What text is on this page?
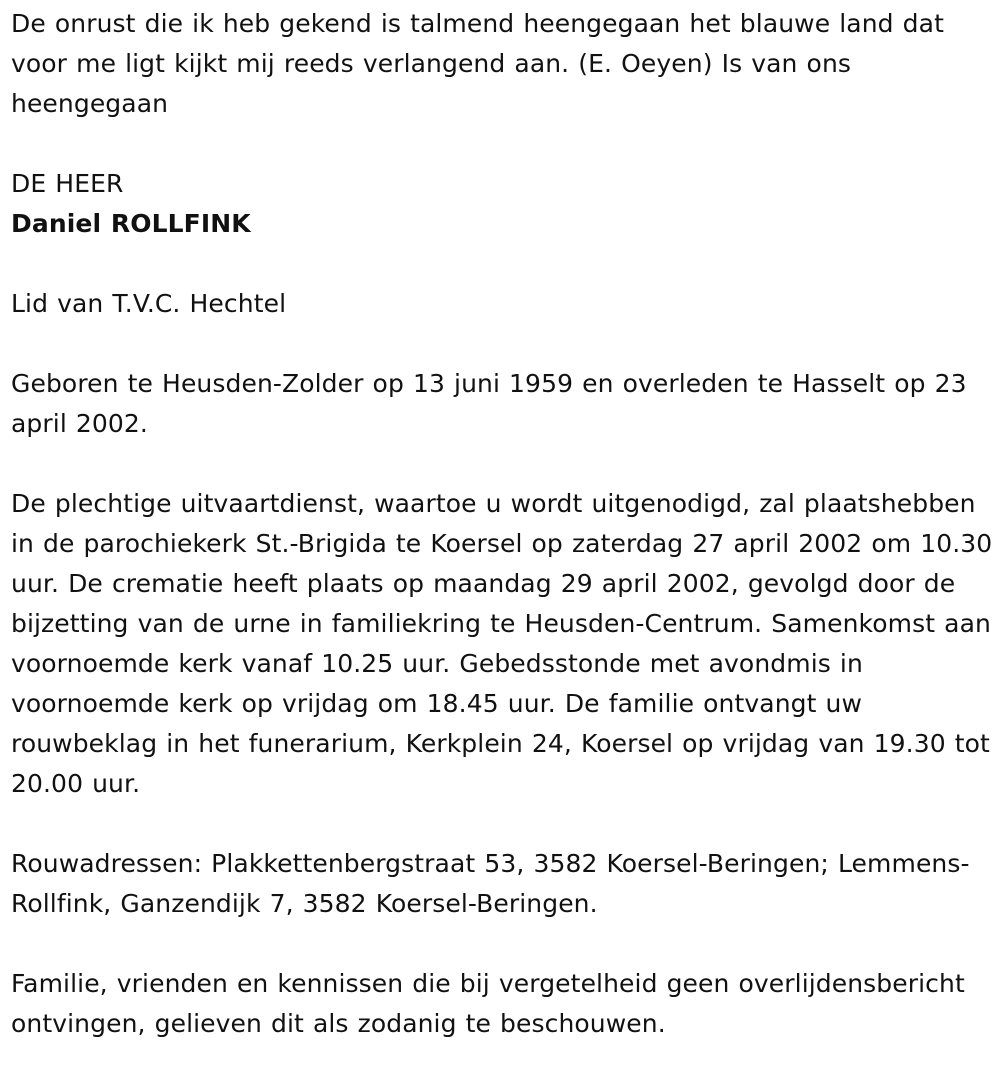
De onrust die ik heb gekend is talmend heengegaan het blauwe land dat voor me ligt kijkt mij reeds verlangend aan. (E. Oeyen) Is van ons heengegaan

DE HEER

Daniel ROLLFINK

Lid van T.V.C. Hechtel

Geboren te Heusden-Zolder op 13 juni 1959 en overleden te Hasselt op 23 april 2002.

De plechtige uitvaartdienst, waartoe u wordt uitgenodigd, zal plaatshebben in de parochiekerk St.-Brigida te Koersel op zaterdag 27 april 2002 om 10.30 uur. De crematie heeft plaats op maandag 29 april 2002, gevolgd door de bijzetting van de urne in familiekring te Heusden-Centrum. Samenkomst aan voornoemde kerk vanaf 10.25 uur. Gebedsstonde met avondmis in voornoemde kerk op vrijdag om 18.45 uur. De familie ontvangt uw rouwbeklag in het funerarium, Kerkplein 24, Koersel op vrijdag van 19.30 tot 20.00 uur.

Rouwadressen: Plakkettenbergstraat 53, 3582 Koersel-Beringen; Lemmens-Rollfink, Ganzendijk 7, 3582 Koersel-Beringen.

Familie, vrienden en kennissen die bij vergetelheid geen overlijdensbericht ontvingen, gelieven dit als zodanig te beschouwen.
